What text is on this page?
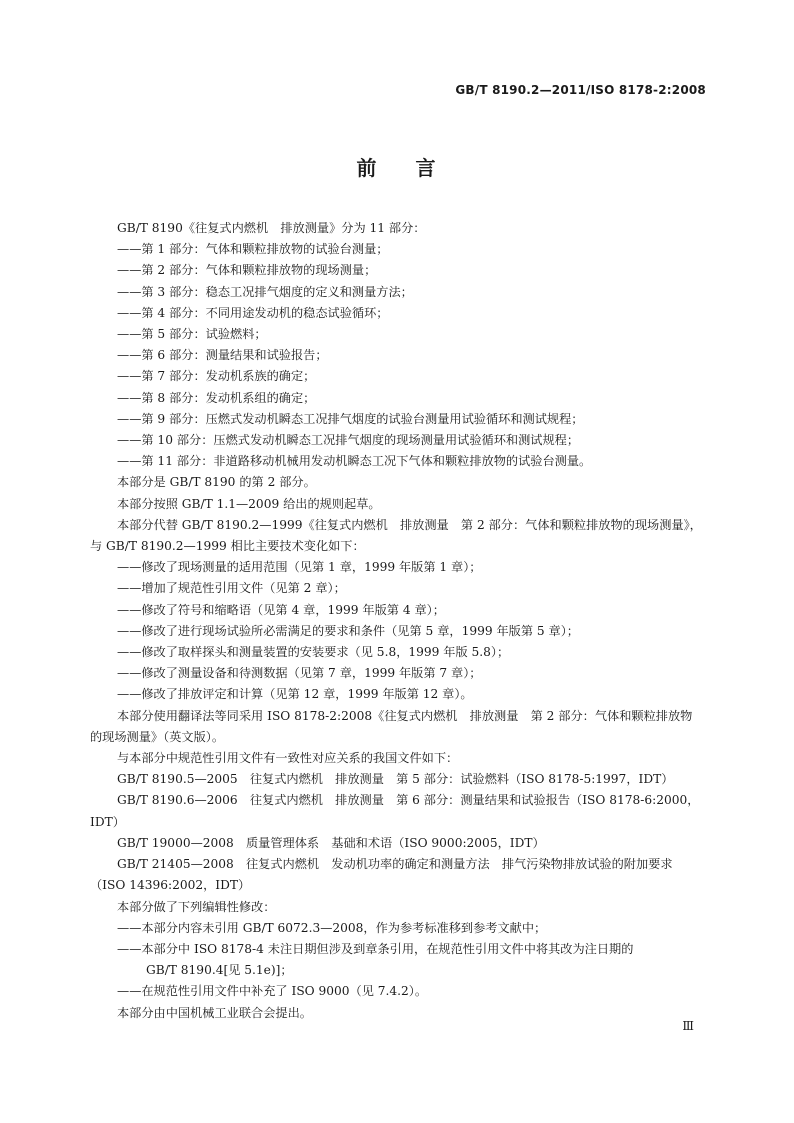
GB/T 8190.2—2011/ISO 8178-2:2008
前 言

GB/T 8190《往复式内燃机　排放测量》分为 11 部分：

——第 1 部分：气体和颗粒排放物的试验台测量；

——第 2 部分：气体和颗粒排放物的现场测量；

——第 3 部分：稳态工况排气烟度的定义和测量方法；

——第 4 部分：不同用途发动机的稳态试验循环；

——第 5 部分：试验燃料；

——第 6 部分：测量结果和试验报告；

——第 7 部分：发动机系族的确定；

——第 8 部分：发动机系组的确定；

——第 9 部分：压燃式发动机瞬态工况排气烟度的试验台测量用试验循环和测试规程；

——第 10 部分：压燃式发动机瞬态工况排气烟度的现场测量用试验循环和测试规程；

——第 11 部分：非道路移动机械用发动机瞬态工况下气体和颗粒排放物的试验台测量。

本部分是 GB/T 8190 的第 2 部分。

本部分按照 GB/T 1.1—2009 给出的规则起草。

本部分代替 GB/T 8190.2—1999《往复式内燃机　排放测量　第 2 部分：气体和颗粒排放物的现场测量》，与 GB/T 8190.2—1999 相比主要技术变化如下：

——修改了现场测量的适用范围（见第 1 章，1999 年版第 1 章）；

——增加了规范性引用文件（见第 2 章）；

——修改了符号和缩略语（见第 4 章，1999 年版第 4 章）；

——修改了进行现场试验所必需满足的要求和条件（见第 5 章，1999 年版第 5 章）；

——修改了取样探头和测量装置的安装要求（见 5.8，1999 年版 5.8）；

——修改了测量设备和待测数据（见第 7 章，1999 年版第 7 章）；

——修改了排放评定和计算（见第 12 章，1999 年版第 12 章）。

本部分使用翻译法等同采用 ISO 8178-2:2008《往复式内燃机　排放测量　第 2 部分：气体和颗粒排放物的现场测量》（英文版）。

与本部分中规范性引用文件有一致性对应关系的我国文件如下：

GB/T 8190.5—2005　往复式内燃机　排放测量　第 5 部分：试验燃料（ISO 8178-5:1997，IDT）

GB/T 8190.6—2006　往复式内燃机　排放测量　第 6 部分：测量结果和试验报告（ISO 8178-6:2000，IDT）

GB/T 19000—2008　质量管理体系　基础和术语（ISO 9000:2005，IDT）

GB/T 21405—2008　往复式内燃机　发动机功率的确定和测量方法　排气污染物排放试验的附加要求（ISO 14396:2002，IDT）

本部分做了下列编辑性修改：

——本部分内容未引用 GB/T 6072.3—2008，作为参考标准移到参考文献中；

——本部分中 ISO 8178-4 未注日期但涉及到章条引用，在规范性引用文件中将其改为注日期的

GB/T 8190.4[见 5.1e)]；

——在规范性引用文件中补充了 ISO 9000（见 7.4.2）。

本部分由中国机械工业联合会提出。

Ⅲ
